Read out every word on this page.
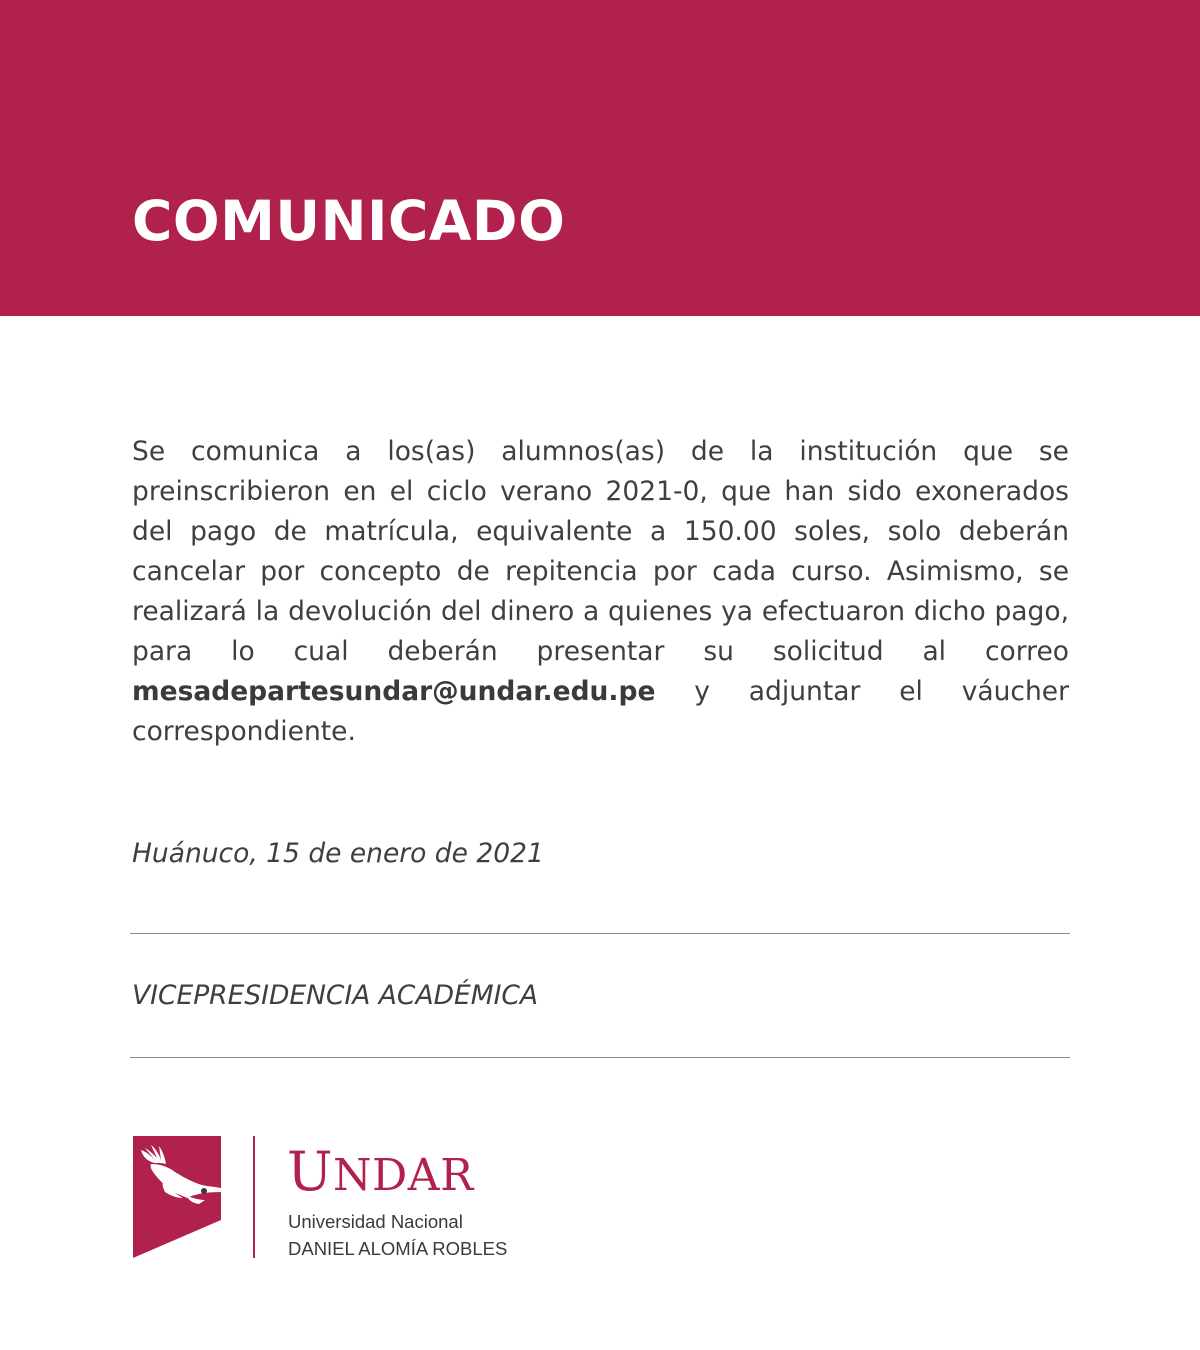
COMUNICADO

Se comunica a los(as) alumnos(as) de la institución que se preinscribieron en el ciclo verano 2021-0, que han sido exonerados del pago de matrícula, equivalente a 150.00 soles, solo deberán cancelar por concepto de repitencia por cada curso. Asimismo, se realizará la devolución del dinero a quienes ya efectuaron dicho pago, para lo cual deberán presentar su solicitud al correo mesadepartesundar@undar.edu.pe y adjuntar el váucher correspondiente.

Huánuco, 15 de enero de 2021
VICEPRESIDENCIA ACADÉMICA
UNDAR
Universidad Nacional
DANIEL ALOMÍA ROBLES
